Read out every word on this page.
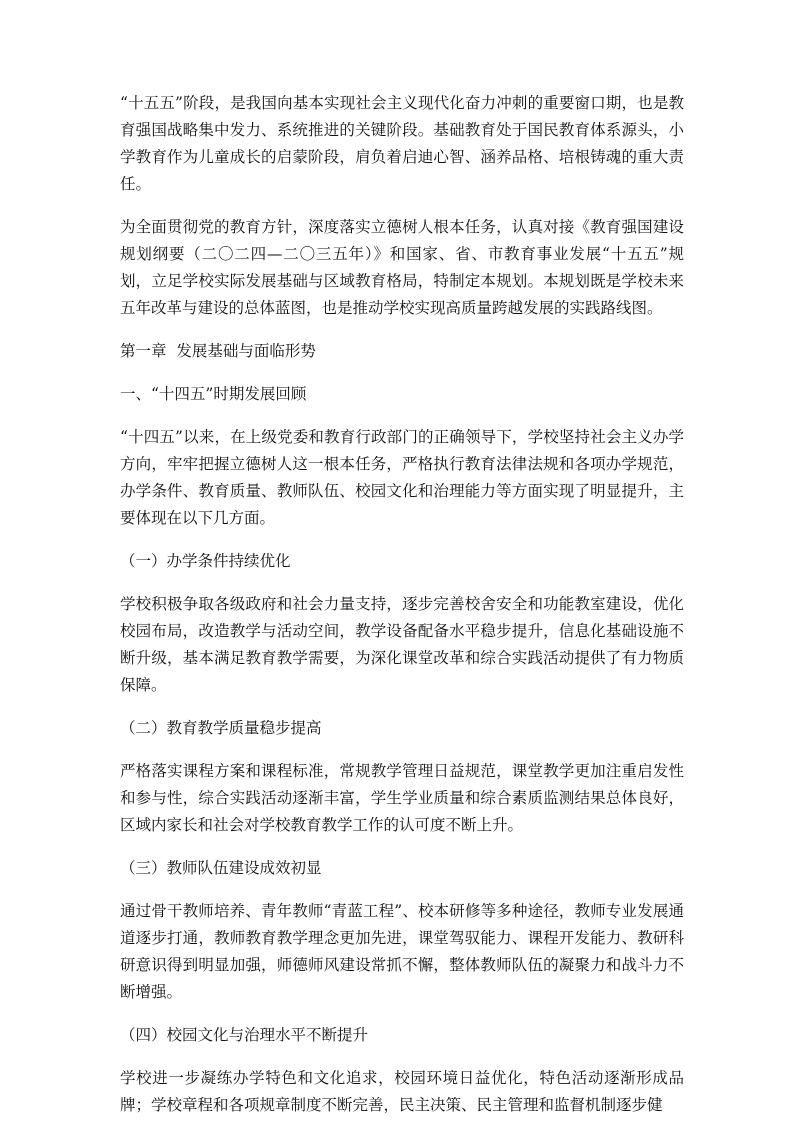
“十五五”阶段，是我国向基本实现社会主义现代化奋力冲刺的重要窗口期，也是教育强国战略集中发力、系统推进的关键阶段。基础教育处于国民教育体系源头，小学教育作为儿童成长的启蒙阶段，肩负着启迪心智、涵养品格、培根铸魂的重大责任。

为全面贯彻党的教育方针，深度落实立德树人根本任务，认真对接《教育强国建设规划纲要（二〇二四—二〇三五年）》和国家、省、市教育事业发展“十五五”规划，立足学校实际发展基础与区域教育格局，特制定本规划。本规划既是学校未来五年改革与建设的总体蓝图，也是推动学校实现高质量跨越发展的实践路线图。

第一章  发展基础与面临形势

一、“十四五”时期发展回顾

“十四五”以来，在上级党委和教育行政部门的正确领导下，学校坚持社会主义办学方向，牢牢把握立德树人这一根本任务，严格执行教育法律法规和各项办学规范，办学条件、教育质量、教师队伍、校园文化和治理能力等方面实现了明显提升，主要体现在以下几方面。

（一）办学条件持续优化

学校积极争取各级政府和社会力量支持，逐步完善校舍安全和功能教室建设，优化校园布局，改造教学与活动空间，教学设备配备水平稳步提升，信息化基础设施不断升级，基本满足教育教学需要，为深化课堂改革和综合实践活动提供了有力物质保障。

（二）教育教学质量稳步提高

严格落实课程方案和课程标准，常规教学管理日益规范，课堂教学更加注重启发性和参与性，综合实践活动逐渐丰富，学生学业质量和综合素质监测结果总体良好，区域内家长和社会对学校教育教学工作的认可度不断上升。

（三）教师队伍建设成效初显

通过骨干教师培养、青年教师“青蓝工程”、校本研修等多种途径，教师专业发展通道逐步打通，教师教育教学理念更加先进，课堂驾驭能力、课程开发能力、教研科研意识得到明显加强，师德师风建设常抓不懈，整体教师队伍的凝聚力和战斗力不断增强。

（四）校园文化与治理水平不断提升

学校进一步凝练办学特色和文化追求，校园环境日益优化，特色活动逐渐形成品牌；学校章程和各项规章制度不断完善，民主决策、民主管理和监督机制逐步健
